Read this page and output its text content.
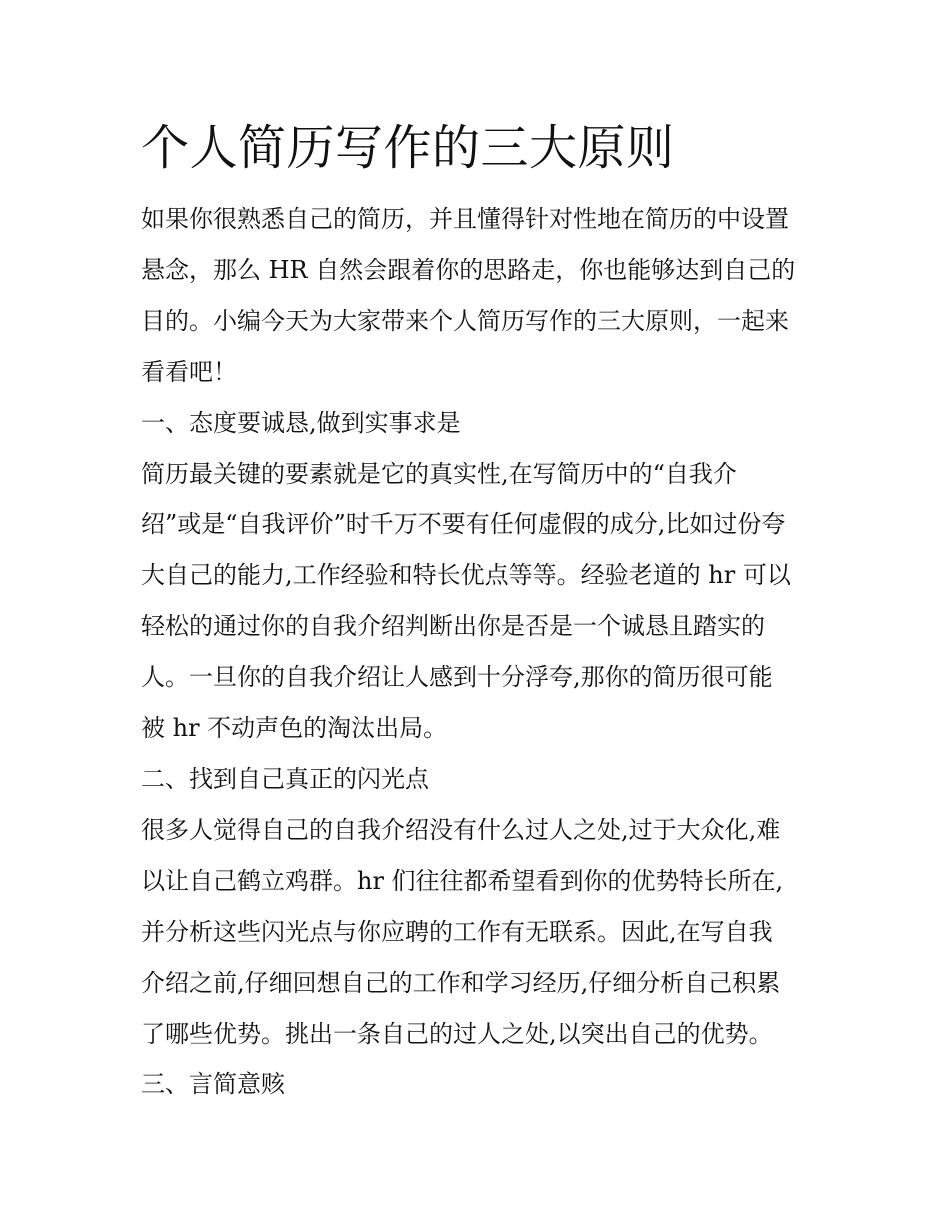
个人简历写作的三大原则

如果你很熟悉自己的简历，并且懂得针对性地在简历的中设置

悬念，那么 HR 自然会跟着你的思路走，你也能够达到自己的

目的。小编今天为大家带来个人简历写作的三大原则，一起来

看看吧！

一、态度要诚恳,做到实事求是

简历最关键的要素就是它的真实性,在写简历中的“自我介

绍”或是“自我评价”时千万不要有任何虚假的成分,比如过份夸

大自己的能力,工作经验和特长优点等等。经验老道的 hr 可以

轻松的通过你的自我介绍判断出你是否是一个诚恳且踏实的

人。一旦你的自我介绍让人感到十分浮夸,那你的简历很可能

被 hr 不动声色的淘汰出局。

二、找到自己真正的闪光点

很多人觉得自己的自我介绍没有什么过人之处,过于大众化,难

以让自己鹤立鸡群。hr 们往往都希望看到你的优势特长所在,

并分析这些闪光点与你应聘的工作有无联系。因此,在写自我

介绍之前,仔细回想自己的工作和学习经历,仔细分析自己积累

了哪些优势。挑出一条自己的过人之处,以突出自己的优势。

三、言简意赅
